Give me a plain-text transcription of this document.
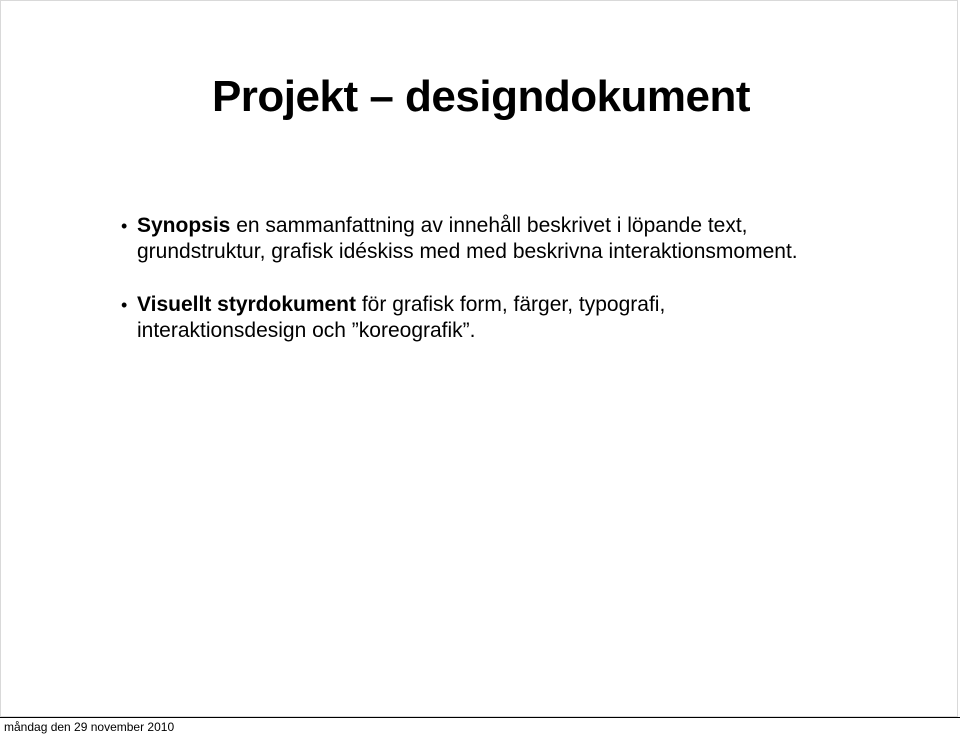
Projekt – designdokument
• Synopsis en sammanfattning av innehåll beskrivet i löpande text,
grundstruktur, grafisk idéskiss med med beskrivna interaktionsmoment.
• Visuellt styrdokument för grafisk form, färger, typografi,
interaktionsdesign och ”koreografik”.
måndag den 29 november 2010
